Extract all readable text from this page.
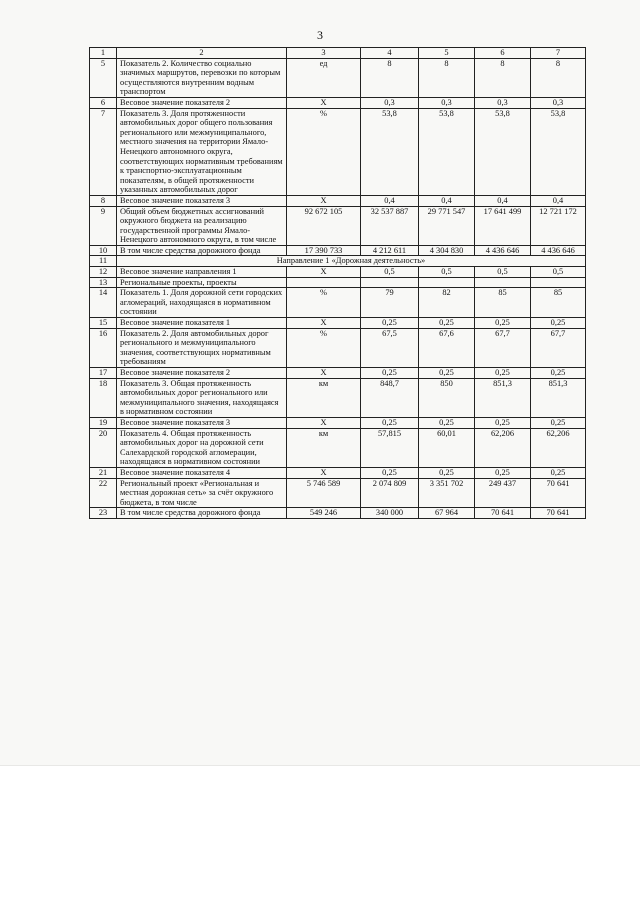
3
1	2	3	4	5	6	7
5	Показатель 2. Количество социально значимых маршрутов, перевозки по которым осуществляются внутренним водным транспортом	ед	8	8	8	8
6	Весовое значение показателя 2	Х	0,3	0,3	0,3	0,3
7	Показатель 3. Доля протяженности автомобильных дорог общего пользования регионального или межмуниципального, местного значения на территории Ямало-Ненецкого автономного округа, соответствующих нормативным требованиям к транспортно-эксплуатационным показателям, в общей протяженности указанных автомобильных дорог	%	53,8	53,8	53,8	53,8
8	Весовое значение показателя 3	Х	0,4	0,4	0,4	0,4
9	Общий объем бюджетных ассигнований окружного бюджета на реализацию государственной программы Ямало-Ненецкого автономного округа, в том числе	92 672 105	32 537 887	29 771 547	17 641 499	12 721 172
10	В том числе средства дорожного фонда	17 390 733	4 212 611	4 304 830	4 436 646	4 436 646
11	Направление 1 «Дорожная деятельность»					
12	Весовое значение направления 1	Х	0,5	0,5	0,5	0,5
13	Региональные проекты, проекты					
14	Показатель 1. Доля дорожной сети городских агломераций, находящаяся в нормативном состоянии	%	79	82	85	85
15	Весовое значение показателя 1	Х	0,25	0,25	0,25	0,25
16	Показатель 2. Доля автомобильных дорог регионального и межмуниципального значения, соответствующих нормативным требованиям	%	67,5	67,6	67,7	67,7
17	Весовое значение показателя 2	Х	0,25	0,25	0,25	0,25
18	Показатель 3. Общая протяженность автомобильных дорог регионального или межмуниципального значения, находящаяся в нормативном состоянии	км	848,7	850	851,3	851,3
19	Весовое значение показателя 3	Х	0,25	0,25	0,25	0,25
20	Показатель 4. Общая протяженность автомобильных дорог на дорожной сети Салехардской городской агломерации, находящаяся в нормативном состоянии	км	57,815	60,01	62,206	62,206
21	Весовое значение показателя 4	Х	0,25	0,25	0,25	0,25
22	Региональный проект «Региональная и местная дорожная сеть» за счёт окружного бюджета, в том числе	5 746 589	2 074 809	3 351 702	249 437	70 641
23	В том числе средства дорожного фонда	549 246	340 000	67 964	70 641	70 641
